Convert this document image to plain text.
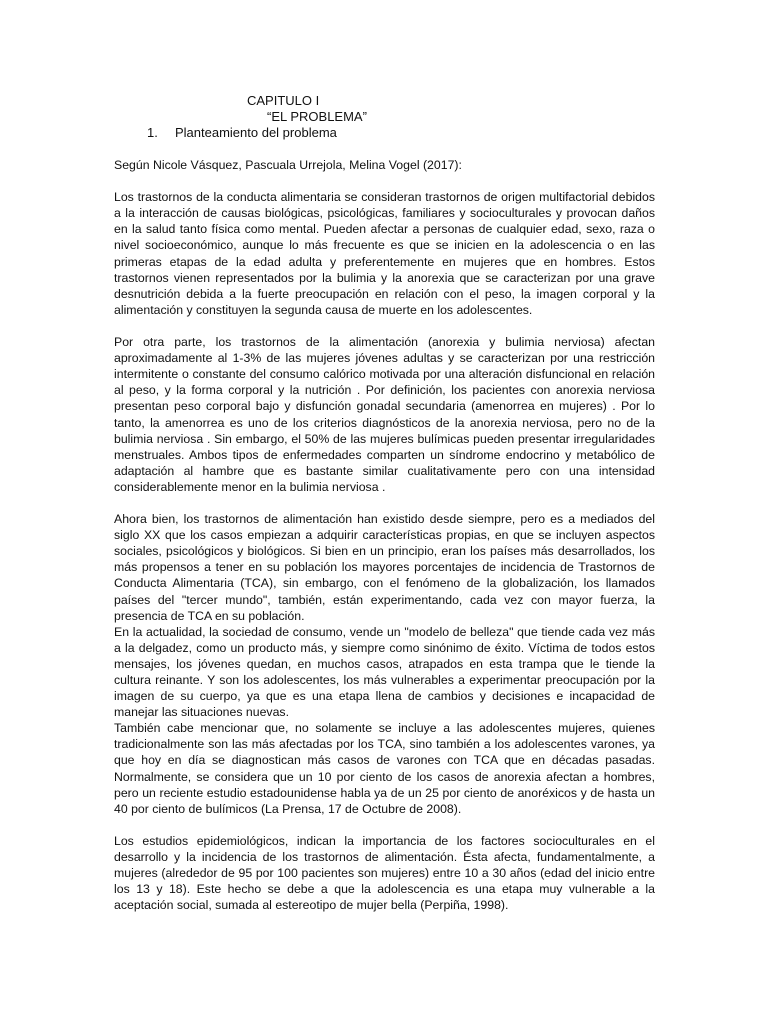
CAPITULO I
“EL PROBLEMA”
1. Planteamiento del problema

Según Nicole Vásquez, Pascuala Urrejola, Melina Vogel (2017):

Los trastornos de la conducta alimentaria se consideran trastornos de origen multifactorial debidos a la interacción de causas biológicas, psicológicas, familiares y socioculturales y provocan daños en la salud tanto física como mental. Pueden afectar a personas de cualquier edad, sexo, raza o nivel socioeconómico, aunque lo más frecuente es que se inicien en la adolescencia o en las primeras etapas de la edad adulta y preferentemente en mujeres que en hombres. Estos trastornos vienen representados por la bulimia y la anorexia que se caracterizan por una grave desnutrición debida a la fuerte preocupación en relación con el peso, la imagen corporal y la alimentación y constituyen la segunda causa de muerte en los adolescentes.

Por otra parte, los trastornos de la alimentación (anorexia y bulimia nerviosa) afectan aproximadamente al 1-3% de las mujeres jóvenes adultas y se caracterizan por una restricción intermitente o constante del consumo calórico motivada por una alteración disfuncional en relación al peso, y la forma corporal y la nutrición . Por definición, los pacientes con anorexia nerviosa presentan peso corporal bajo y disfunción gonadal secundaria (amenorrea en mujeres) . Por lo tanto, la amenorrea es uno de los criterios diagnósticos de la anorexia nerviosa, pero no de la bulimia nerviosa . Sin embargo, el 50% de las mujeres bulímicas pueden presentar irregularidades menstruales. Ambos tipos de enfermedades comparten un síndrome endocrino y metabólico de adaptación al hambre que es bastante similar cualitativamente pero con una intensidad considerablemente menor en la bulimia nerviosa .

Ahora bien, los trastornos de alimentación han existido desde siempre, pero es a mediados del siglo XX que los casos empiezan a adquirir características propias, en que se incluyen aspectos sociales, psicológicos y biológicos. Si bien en un principio, eran los países más desarrollados, los más propensos a tener en su población los mayores porcentajes de incidencia de Trastornos de Conducta Alimentaria (TCA), sin embargo, con el fenómeno de la globalización, los llamados países del "tercer mundo", también, están experimentando, cada vez con mayor fuerza, la presencia de TCA en su población.

En la actualidad, la sociedad de consumo, vende un "modelo de belleza" que tiende cada vez más a la delgadez, como un producto más, y siempre como sinónimo de éxito. Víctima de todos estos mensajes, los jóvenes quedan, en muchos casos, atrapados en esta trampa que le tiende la cultura reinante. Y son los adolescentes, los más vulnerables a experimentar preocupación por la imagen de su cuerpo, ya que es una etapa llena de cambios y decisiones e incapacidad de manejar las situaciones nuevas.

También cabe mencionar que, no solamente se incluye a las adolescentes mujeres, quienes tradicionalmente son las más afectadas por los TCA, sino también a los adolescentes varones, ya que hoy en día se diagnostican más casos de varones con TCA que en décadas pasadas. Normalmente, se considera que un 10 por ciento de los casos de anorexia afectan a hombres, pero un reciente estudio estadounidense habla ya de un 25 por ciento de anoréxicos y de hasta un 40 por ciento de bulímicos (La Prensa, 17 de Octubre de 2008).

Los estudios epidemiológicos, indican la importancia de los factores socioculturales en el desarrollo y la incidencia de los trastornos de alimentación. Ésta afecta, fundamentalmente, a mujeres (alrededor de 95 por 100 pacientes son mujeres) entre 10 a 30 años (edad del inicio entre los 13 y 18). Este hecho se debe a que la adolescencia es una etapa muy vulnerable a la aceptación social, sumada al estereotipo de mujer bella (Perpiña, 1998).
